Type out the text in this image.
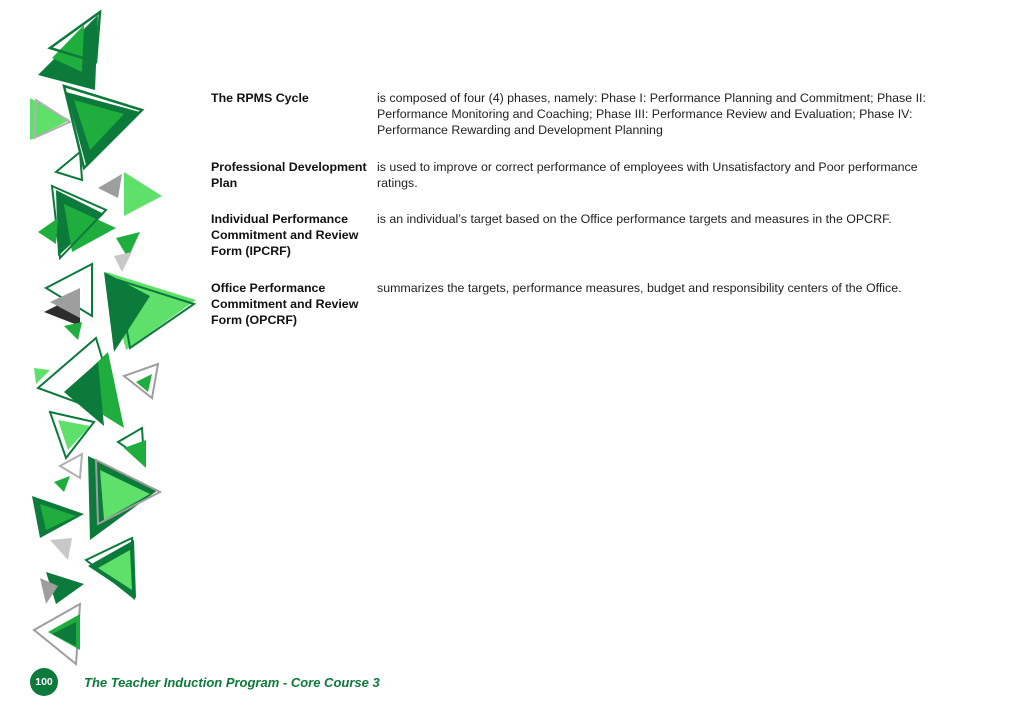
The RPMS Cycle	is composed of four (4) phases, namely: Phase I: Performance Planning and Commitment; Phase II: Performance Monitoring and Coaching; Phase III: Performance Review and Evaluation; Phase IV: Performance Rewarding and Development Planning
Professional Development Plan
is used to improve or correct performance of employees with Unsatisfactory and Poor performance ratings.
Individual Performance Commitment and Review Form (IPCRF)
is an individual’s target based on the Office performance targets and measures in the OPCRF.
Office Performance Commitment and Review Form (OPCRF)
summarizes the targets, performance measures, budget and responsibility centers of the Office.
100	The Teacher Induction Program - Core Course 3
